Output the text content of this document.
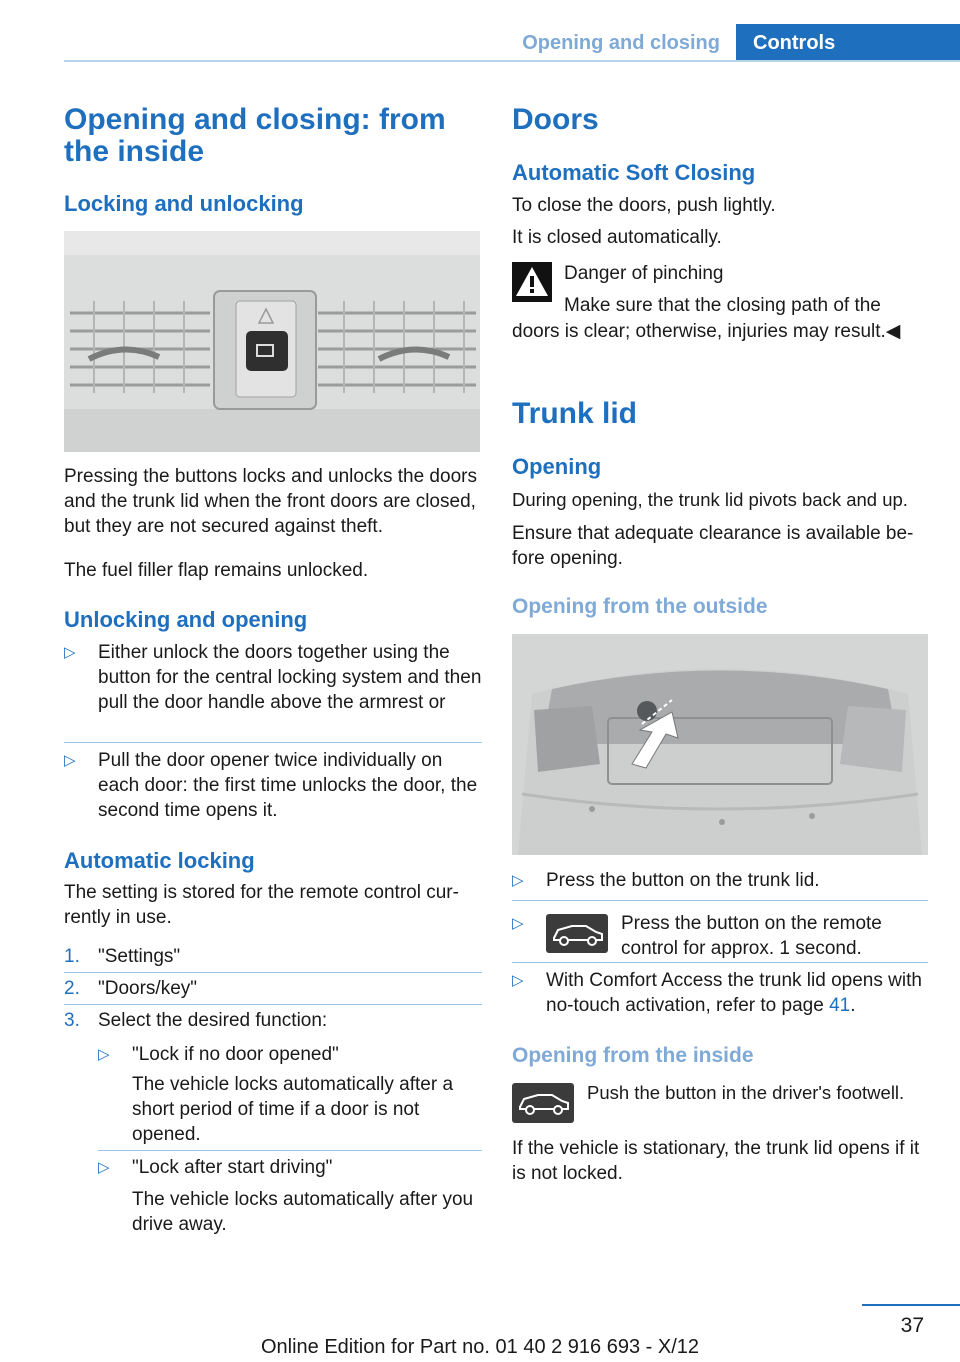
Opening and closing	Controls
Opening and closing: from the inside
Locking and unlocking

Pressing the buttons locks and unlocks the doors and the trunk lid when the front doors are closed, but they are not secured against theft.

The fuel filler flap remains unlocked.

Unlocking and opening
▷ Either unlock the doors together using the button for the central locking system and then pull the door handle above the armrest or
▷ Pull the door opener twice individually on each door: the first time unlocks the door, the second time opens it.
Automatic locking

The setting is stored for the remote control cur-rently in use.

1. "Settings"
2. "Doors/key"
3. Select the desired function:
▷ "Lock if no door opened"
The vehicle locks automatically after a short period of time if a door is not opened.
▷ "Lock after start driving"
The vehicle locks automatically after you drive away.
Doors
Automatic Soft Closing

To close the doors, push lightly.

It is closed automatically.

Danger of pinching

Make sure that the closing path of the

doors is clear; otherwise, injuries may result.◀

Trunk lid
Opening

During opening, the trunk lid pivots back and up.

Ensure that adequate clearance is available be-fore opening.

Opening from the outside
▷ Press the button on the trunk lid.
▷	Press the button on the remote control for approx. 1 second.
▷ With Comfort Access the trunk lid opens with no-touch activation, refer to page 41.
Opening from the inside

Push the button in the driver's footwell.

If the vehicle is stationary, the trunk lid opens if it is not locked.

37
Online Edition for Part no. 01 40 2 916 693 - X/12
